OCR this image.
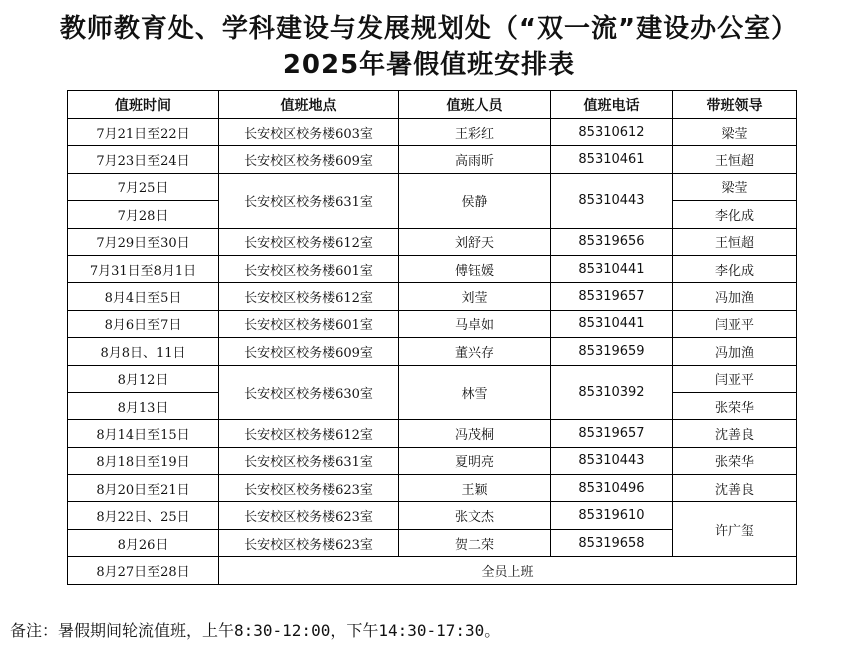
教师教育处、学科建设与发展规划处（“双一流”建设办公室）
2025年暑假值班安排表
值班时间	值班地点	值班人员	值班电话	带班领导
7月21日至22日	长安校区校务楼603室	王彩红	85310612	梁莹
7月23日至24日	长安校区校务楼609室	高雨昕	85310461	王恒超
7月25日	长安校区校务楼631室	侯静	85310443	梁莹
7月28日				李化成
7月29日至30日	长安校区校务楼612室	刘舒天	85319656	王恒超
7月31日至8月1日	长安校区校务楼601室	傅钰媛	85310441	李化成
8月4日至5日	长安校区校务楼612室	刘莹	85319657	冯加渔
8月6日至7日	长安校区校务楼601室	马卓如	85310441	闫亚平
8月8日、11日	长安校区校务楼609室	董兴存	85319659	冯加渔
8月12日	长安校区校务楼630室	林雪	85310392	闫亚平
8月13日				张荣华
8月14日至15日	长安校区校务楼612室	冯茂桐	85319657	沈善良
8月18日至19日	长安校区校务楼631室	夏明亮	85310443	张荣华
8月20日至21日	长安校区校务楼623室	王颖	85310496	沈善良
8月22日、25日	长安校区校务楼623室	张文杰	85319610	许广玺
8月26日	长安校区校务楼623室	贺二荣	85319658	
8月27日至28日	全员上班			
备注：暑假期间轮流值班，上午8:30-12:00，下午14:30-17:30。
